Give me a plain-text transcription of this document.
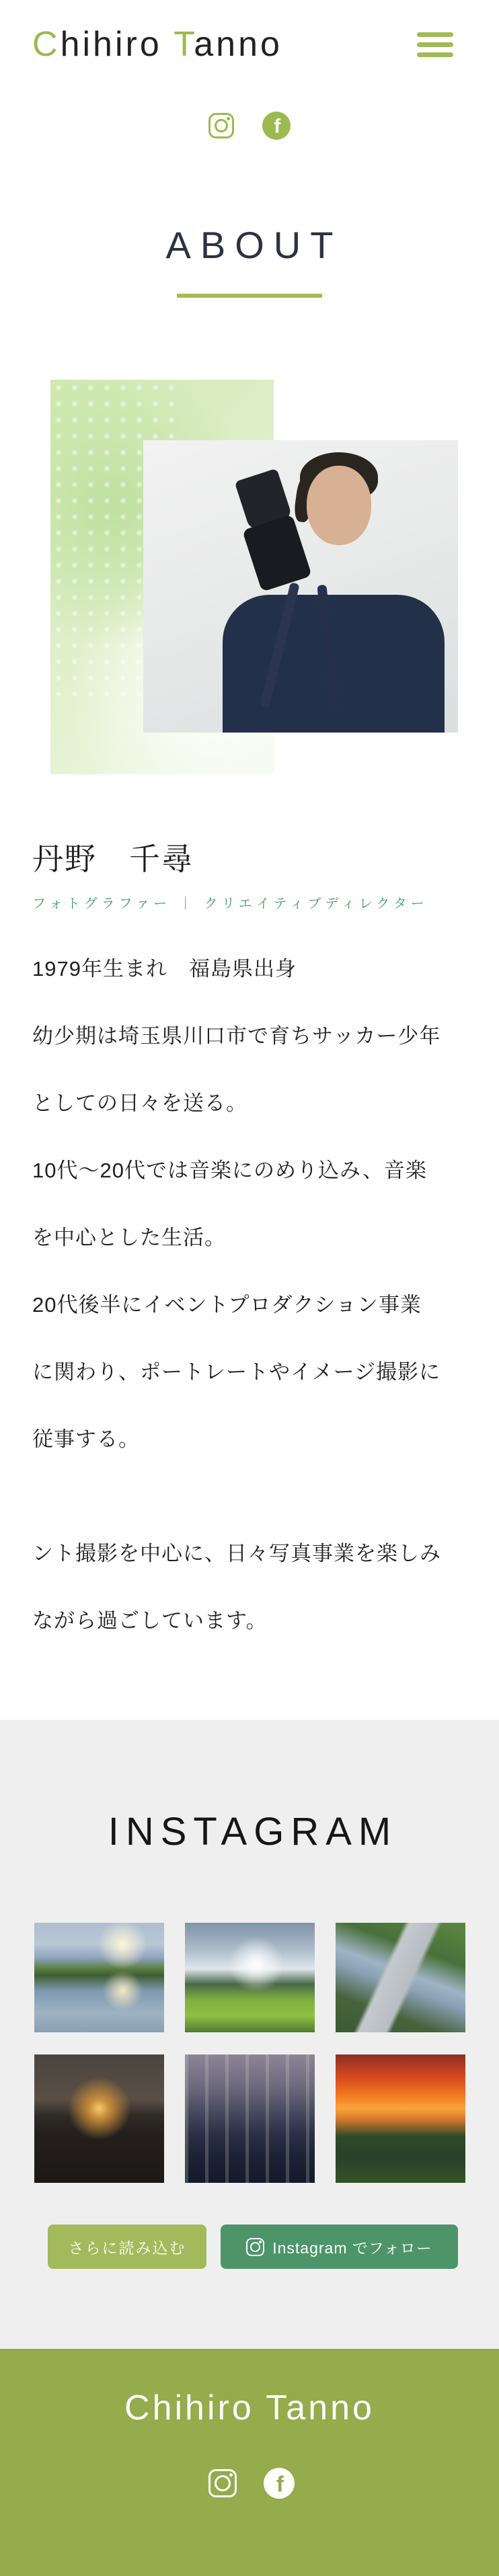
Chihiro Tanno
f
ABOUT
丹野　千尋
フォトグラファー ｜ クリエイティブディレクター
1979年生まれ　福島県出身
幼少期は埼玉県川口市で育ちサッカー少年
としての日々を送る。
10代〜20代では音楽にのめり込み、音楽
を中心とした生活。
20代後半にイベントプロダクション事業
に関わり、ポートレートやイメージ撮影に
従事する。
ント撮影を中心に、日々写真事業を楽しみ
ながら過ごしています。
INSTAGRAM
さらに読み込む	Instagram でフォロー
Chihiro Tanno
f
